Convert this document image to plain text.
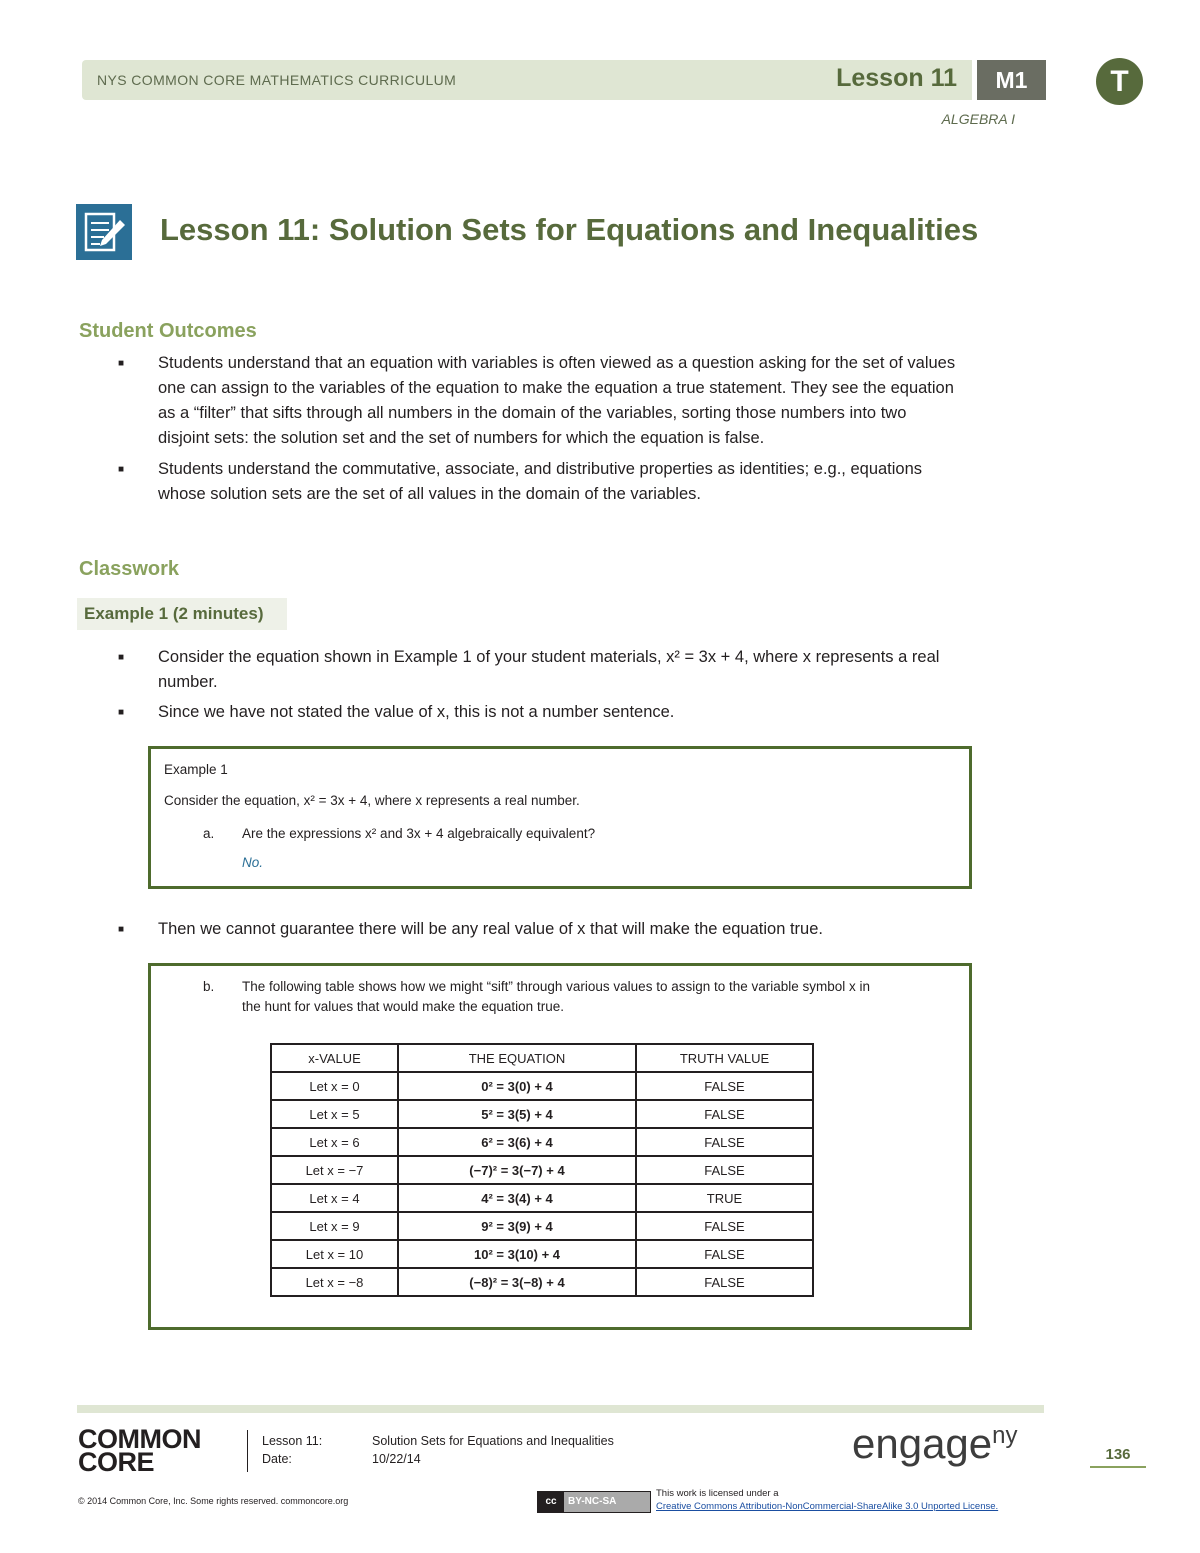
NYS COMMON CORE MATHEMATICS CURRICULUM	Lesson 11	M1	T
ALGEBRA I
Lesson 11: Solution Sets for Equations and Inequalities
Student Outcomes
■ Students understand that an equation with variables is often viewed as a question asking for the set of values

one can assign to the variables of the equation to make the equation a true statement. They see the equation

as a “filter” that sifts through all numbers in the domain of the variables, sorting those numbers into two

disjoint sets: the solution set and the set of numbers for which the equation is false.

■ Students understand the commutative, associate, and distributive properties as identities; e.g., equations

whose solution sets are the set of all values in the domain of the variables.

Classwork
Example 1 (2 minutes)
■ Consider the equation shown in Example 1 of your student materials, x² = 3x + 4, where x represents a real

number.

■ Since we have not stated the value of x, this is not a number sentence.

Example 1
Consider the equation, x² = 3x + 4, where x represents a real number.
a. Are the expressions x² and 3x + 4 algebraically equivalent?
No.
■ Then we cannot guarantee there will be any real value of x that will make the equation true.

b. The following table shows how we might “sift” through various values to assign to the variable symbol x in
the hunt for values that would make the equation true.
x-VALUE	THE EQUATION	TRUTH VALUE
Let x = 0	0² = 3(0) + 4	FALSE
Let x = 5	5² = 3(5) + 4	FALSE
Let x = 6	6² = 3(6) + 4	FALSE
Let x = −7	(−7)² = 3(−7) + 4	FALSE
Let x = 4	4² = 3(4) + 4	TRUE
Let x = 9	9² = 3(9) + 4	FALSE
Let x = 10	10² = 3(10) + 4	FALSE
Let x = −8	(−8)² = 3(−8) + 4	FALSE
COMMON
CORE
Lesson 11:	Solution Sets for Equations and Inequalities
Date:	10/22/14	engage$^{ny}$
136
© 2014 Common Core, Inc. Some rights reserved. commoncore.org	cc BY-NC-SA
This work is licensed under a
Creative Commons Attribution-NonCommercial-ShareAlike 3.0 Unported License.
